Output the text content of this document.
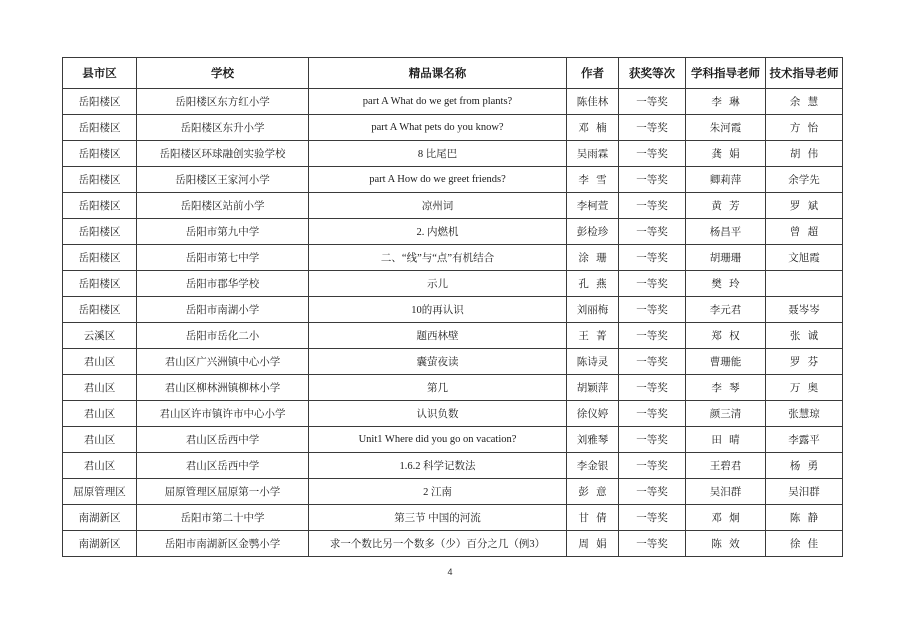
县市区	学校	精品课名称	作者	获奖等次	学科指导老师	技术指导老师
岳阳楼区	岳阳楼区东方红小学	part A What do we get from plants?	陈佳林	一等奖	李 琳	余 慧
岳阳楼区	岳阳楼区东升小学	part A What pets do you know?	邓 楠	一等奖	朱河霞	方 怡
岳阳楼区	岳阳楼区环球融创实验学校	8 比尾巴	吴雨霖	一等奖	龚 娟	胡 伟
岳阳楼区	岳阳楼区王家河小学	part A How do we greet friends?	李 雪	一等奖	卿莉萍	余学先
岳阳楼区	岳阳楼区站前小学	凉州词	李柯萱	一等奖	黄 芳	罗 斌
岳阳楼区	岳阳市第九中学	2. 内燃机	彭检珍	一等奖	杨昌平	曾 超
岳阳楼区	岳阳市第七中学	二、“线”与“点”有机结合	涂 珊	一等奖	胡珊珊	文旭霞
岳阳楼区	岳阳市郡华学校	示儿	孔 燕	一等奖	樊 玲	
岳阳楼区	岳阳市南湖小学	10的再认识	刘丽梅	一等奖	李元君	聂岑岑
云溪区	岳阳市岳化二小	题西林壁	王 菁	一等奖	郑 权	张 诚
君山区	君山区广兴洲镇中心小学	囊萤夜读	陈诗灵	一等奖	曹珊能	罗 芬
君山区	君山区柳林洲镇柳林小学	第几	胡颖萍	一等奖	李 琴	万 奥
君山区	君山区许市镇许市中心小学	认识负数	徐仪婷	一等奖	颜三清	张慧琼
君山区	君山区岳西中学	Unit1 Where did you go on vacation?	刘雅琴	一等奖	田 晴	李露平
君山区	君山区岳西中学	1.6.2 科学记数法	李金银	一等奖	王碧君	杨 勇
屈原管理区	屈原管理区屈原第一小学	2 江南	彭 意	一等奖	吴汨群	吴汨群
南湖新区	岳阳市第二十中学	第三节 中国的河流	甘 倩	一等奖	邓 炯	陈 静
南湖新区	岳阳市南湖新区金鹗小学	求一个数比另一个数多（少）百分之几（例3）	周 娟	一等奖	陈 效	徐 佳
4
